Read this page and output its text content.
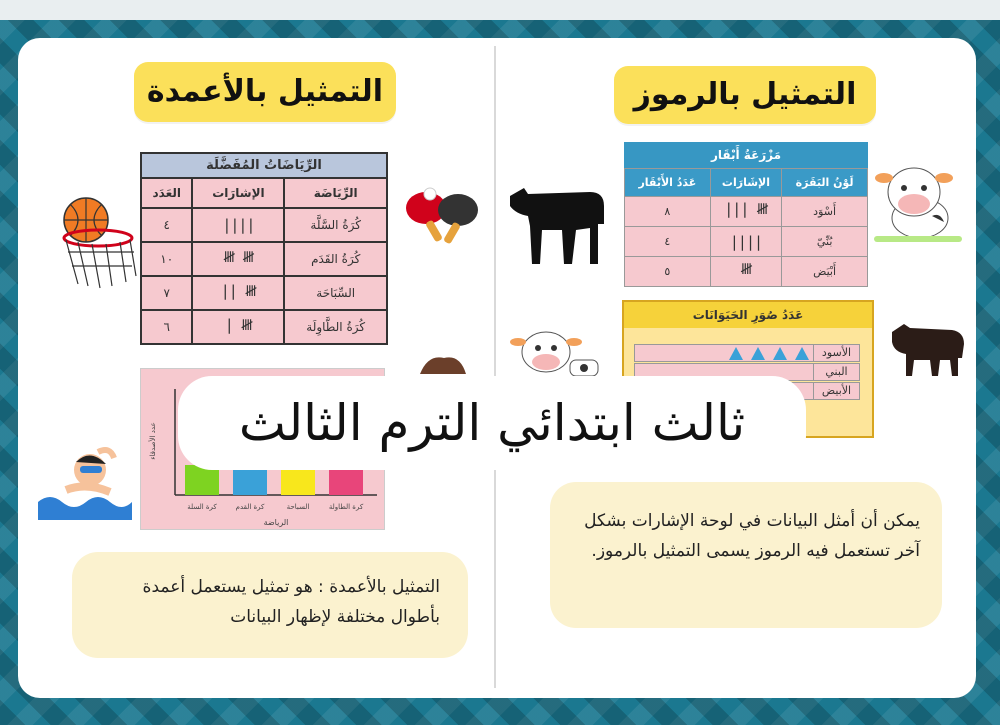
التمثيل بالأعمدة	التمثيل بالرموز
الرِّيَاضَاتُ المُفَضَّلَة
الرِّيَاضَة	الإشارَات	العَدَد
كُرَةُ السَّلَّة	||||	٤
كُرَةُ القَدَم	𝍸 𝍸	١٠
السِّبَاحَة	𝍸 ||	٧
كُرَةُ الطَّاوِلَة	𝍸 |	٦
كرة السلة	كرة القدم	السباحة	كرة الطاولة
الرياضة
عدد الأصدقاء
مَزْرَعَةُ أَبْقَار
لَوْنُ البَقَرَة	الإشَارَات	عَدَدُ الأَبْقَار
أَسْوَد	𝍸 |||	٨
بُنِّيّ	||||	٤
أَبْيَض	𝍸	٥
عَدَدُ صُوَرِ الحَيَوَانَات
الأسود
البني
الأبيض
ثالث ابتدائي الترم الثالث
التمثيل بالأعمدة : هو تمثيل يستعمل أعمدة بأطوال مختلفة لإظهار البيانات
يمكن أن أمثل البيانات في لوحة الإشارات بشكل آخر تستعمل فيه الرموز يسمى التمثيل بالرموز.
